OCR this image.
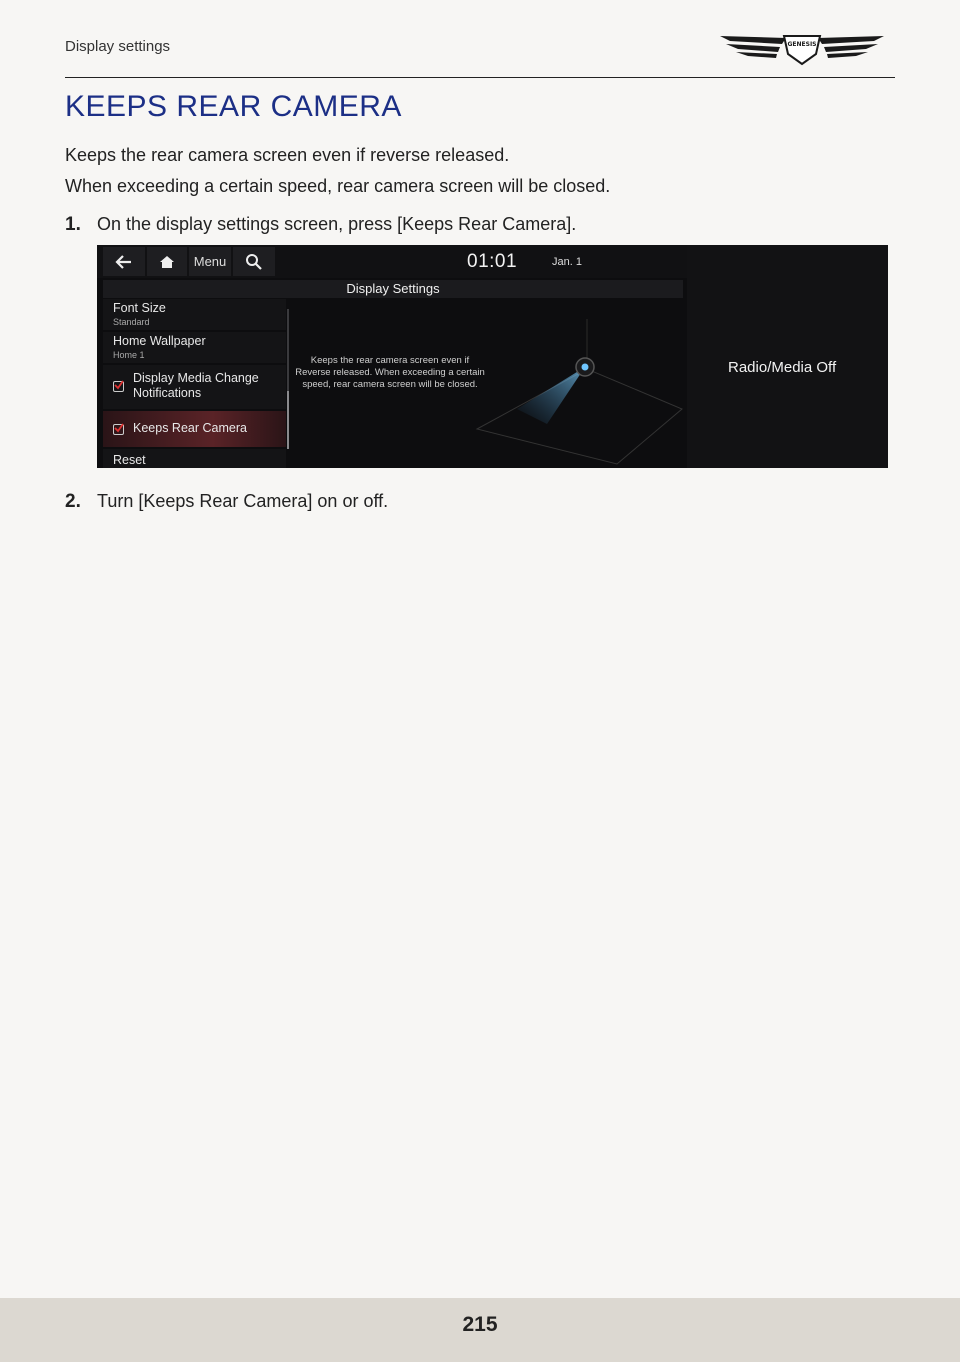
Display settings	GENESIS
KEEPS REAR CAMERA

Keeps the rear camera screen even if reverse released.

When exceeding a certain speed, rear camera screen will be closed.

1. On the display settings screen, press [Keeps Rear Camera].
Menu	01:01	Jan. 1
Display Settings
Font Size
Standard
Home Wallpaper
Home 1
Display Media Change
Notifications
Keeps Rear Camera
Reset
Keeps the rear camera screen even if Reverse released. When exceeding a certain speed, rear camera screen will be closed.
Radio/Media Off
2. Turn [Keeps Rear Camera] on or off.
215
